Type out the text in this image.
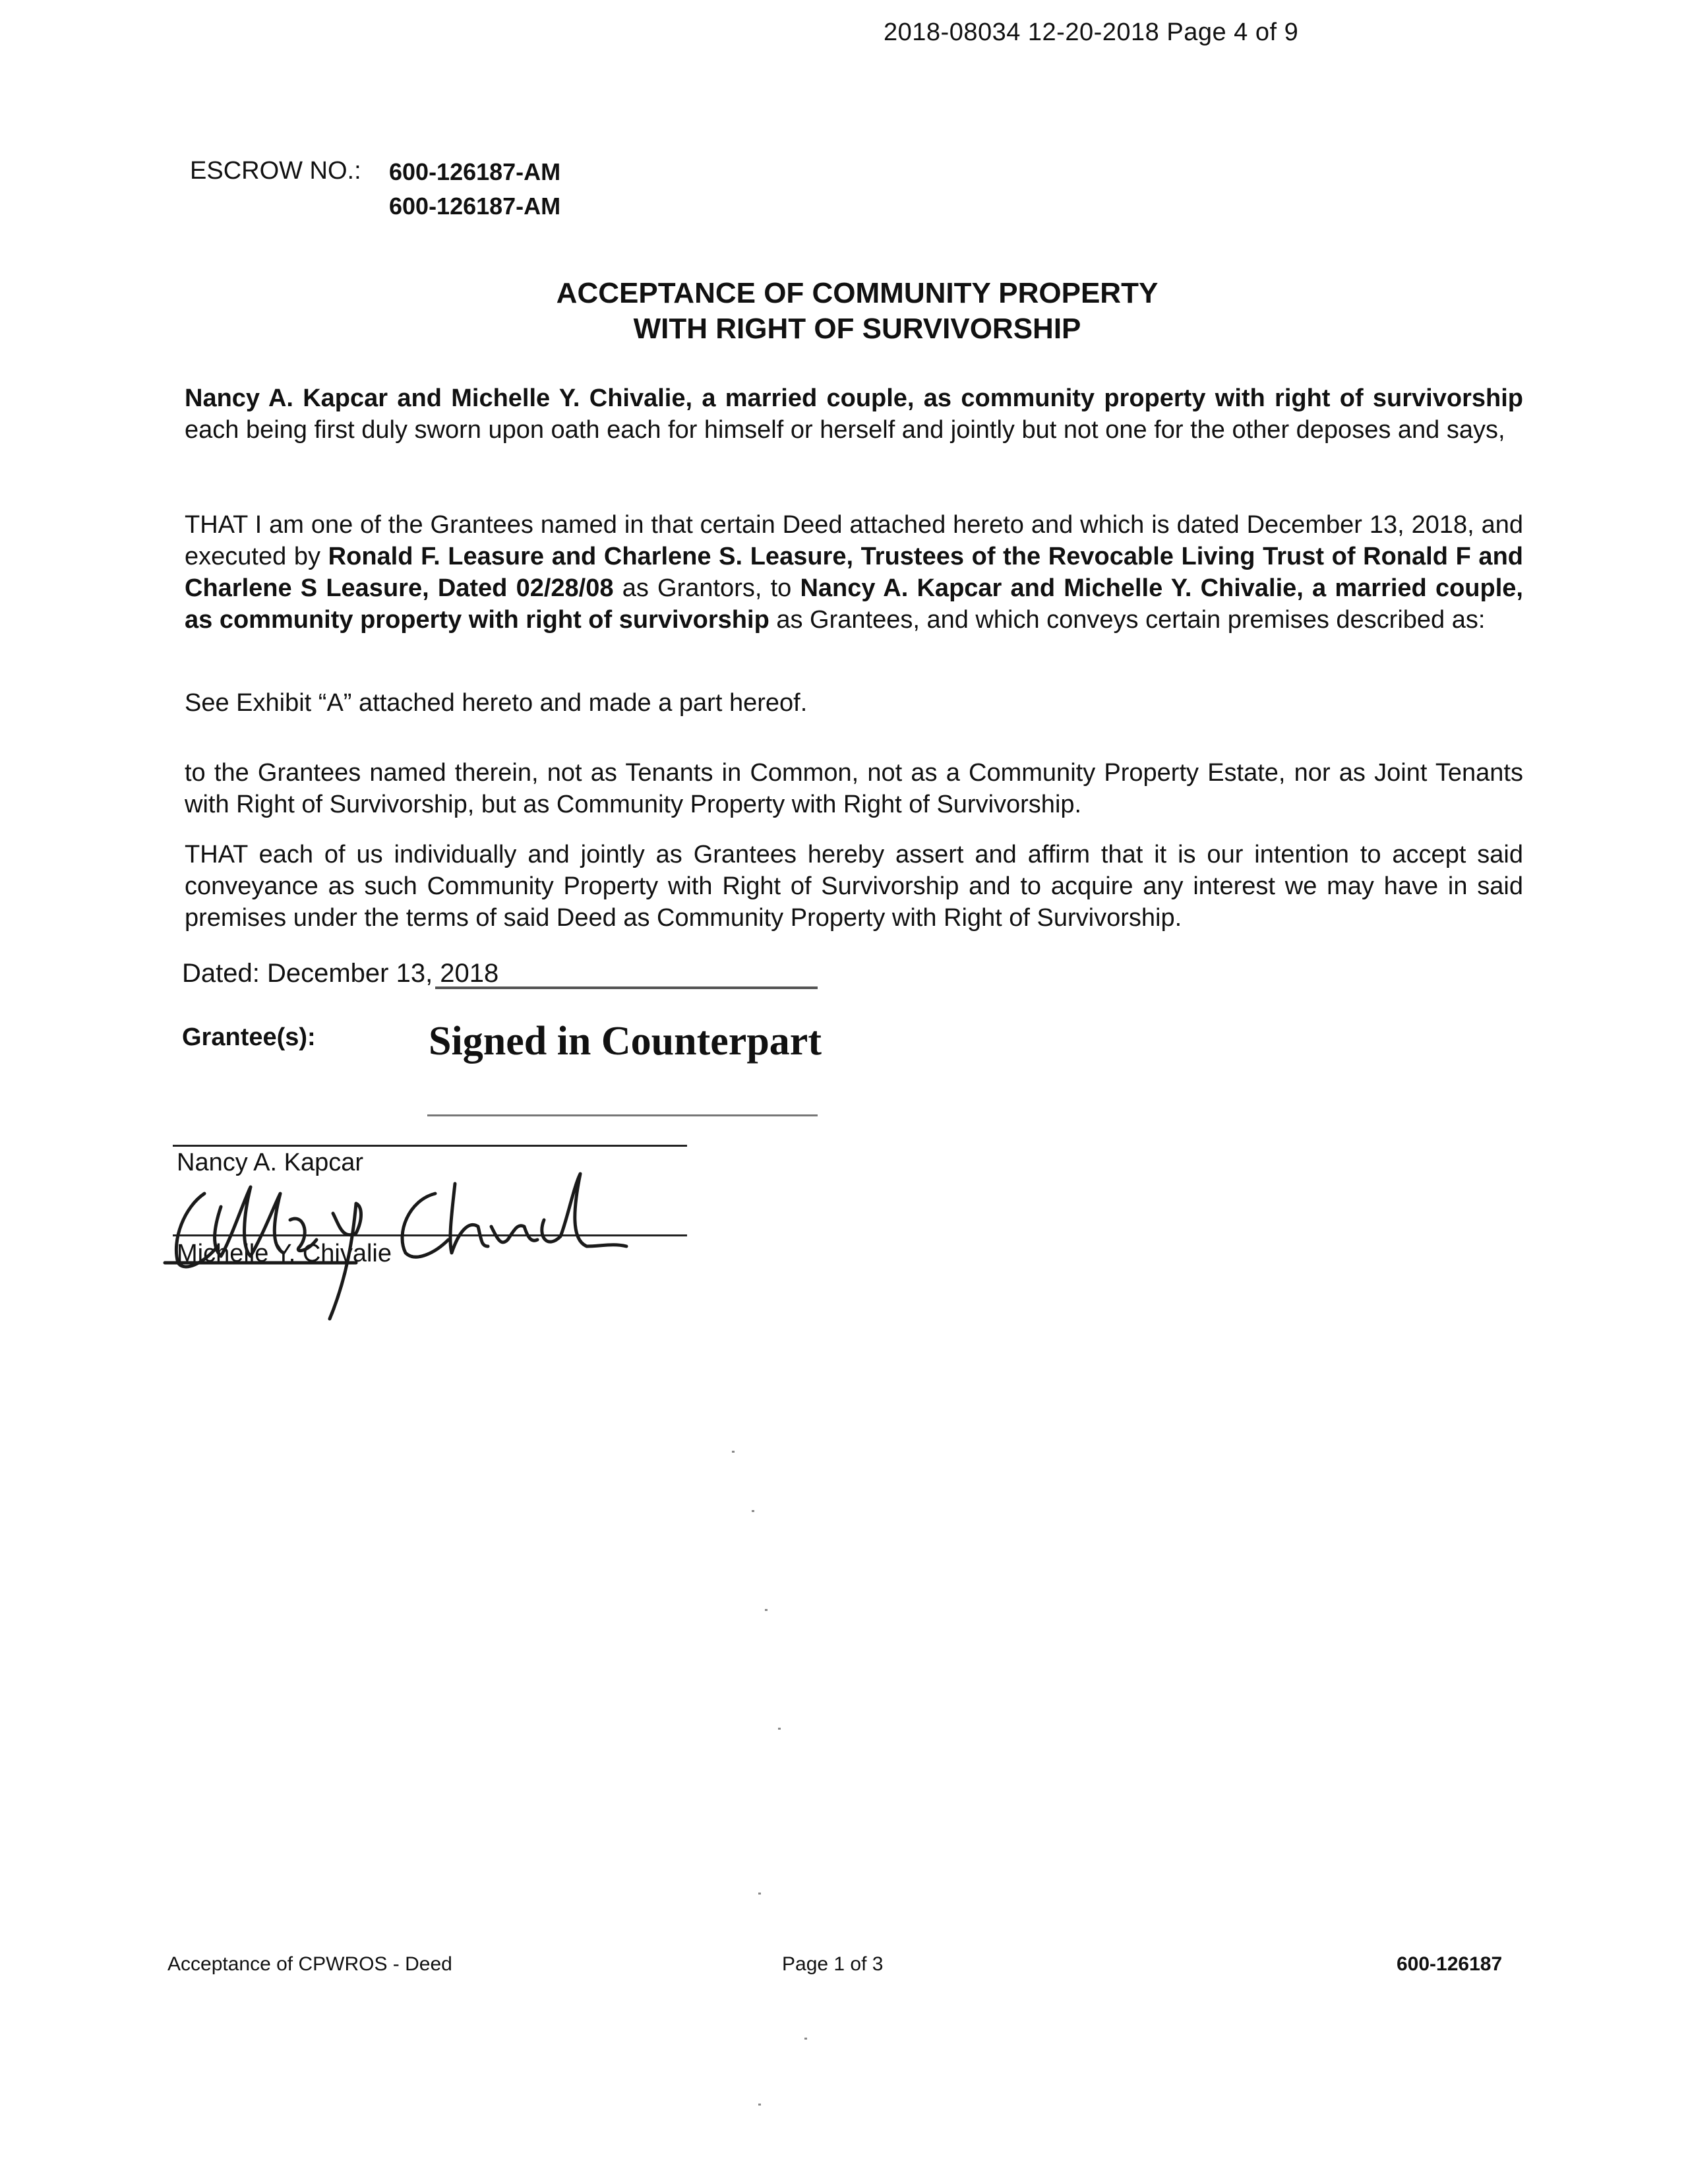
2018-08034 12-20-2018 Page 4 of 9
ESCROW NO.: 600-126187-AM
600-126187-AM
ACCEPTANCE OF COMMUNITY PROPERTY
WITH RIGHT OF SURVIVORSHIP
Nancy A. Kapcar and Michelle Y. Chivalie, a married couple, as community property with right of survivorship each being first duly sworn upon oath each for himself or herself and jointly but not one for the other deposes and says,
THAT I am one of the Grantees named in that certain Deed attached hereto and which is dated December 13, 2018, and executed by Ronald F. Leasure and Charlene S. Leasure, Trustees of the Revocable Living Trust of Ronald F and Charlene S Leasure, Dated 02/28/08 as Grantors, to Nancy A. Kapcar and Michelle Y. Chivalie, a married couple, as community property with right of survivorship as Grantees, and which conveys certain premises described as:
See Exhibit “A” attached hereto and made a part hereof.
to the Grantees named therein, not as Tenants in Common, not as a Community Property Estate, nor as Joint Tenants with Right of Survivorship, but as Community Property with Right of Survivorship.
THAT each of us individually and jointly as Grantees hereby assert and affirm that it is our intention to accept said conveyance as such Community Property with Right of Survivorship and to acquire any interest we may have in said premises under the terms of said Deed as Community Property with Right of Survivorship.
Dated: December 13, 2018
Grantee(s):	Signed in Counterpart
Nancy A. Kapcar
Michelle Y. Chivalie
Acceptance of CPWROS - Deed	Page 1 of 3	600-126187
